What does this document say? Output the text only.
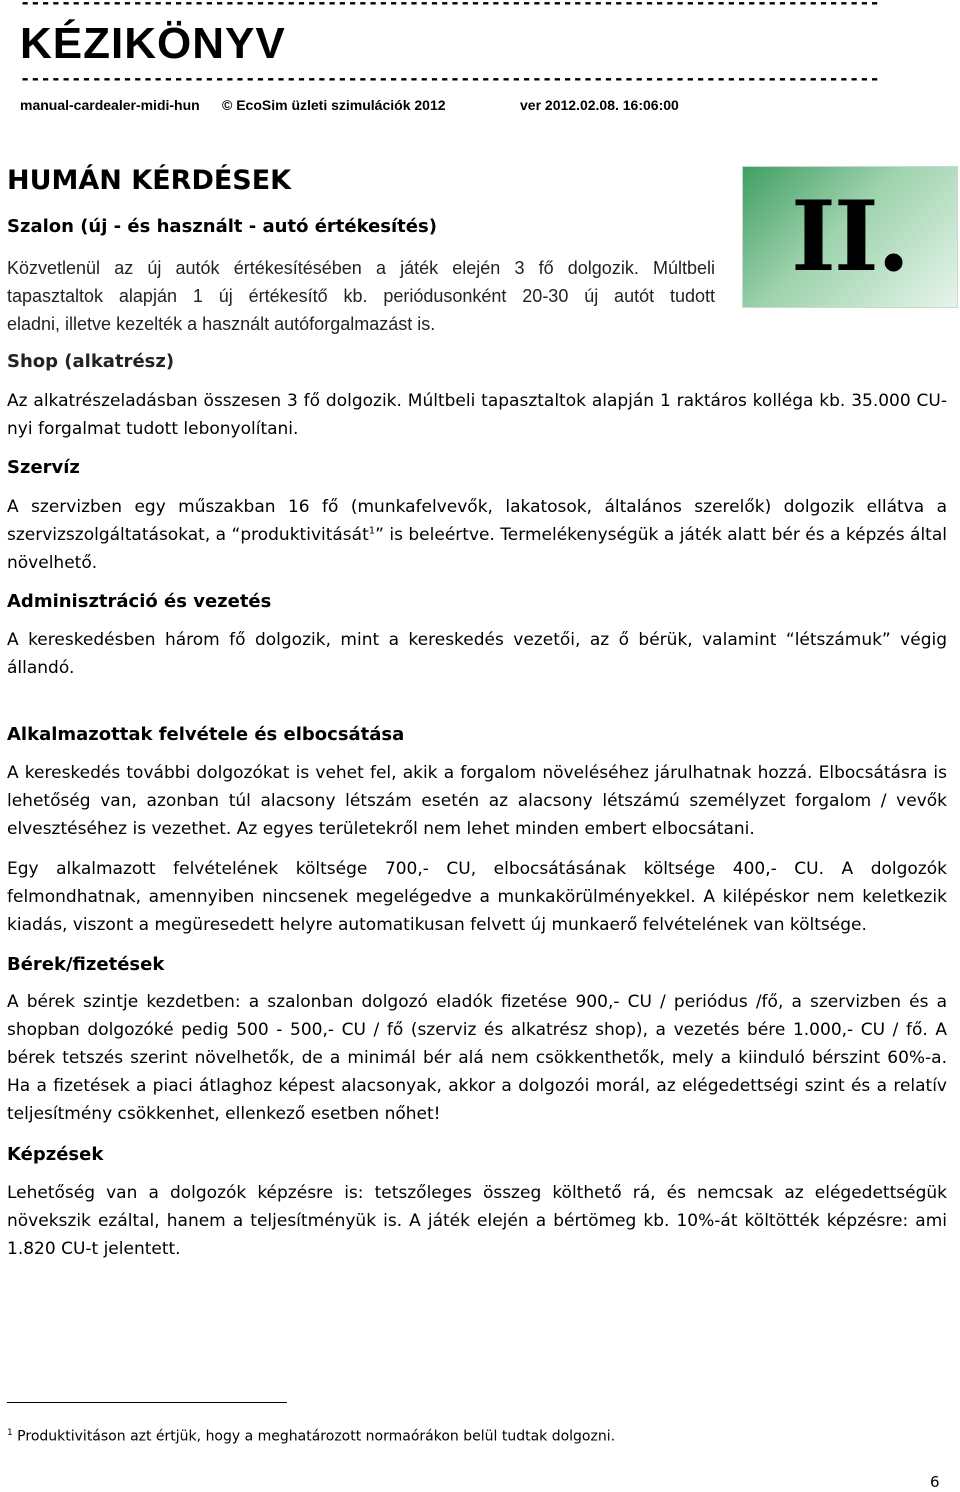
------------------------------------------------------------------------------------
KÉZIKÖNYV
------------------------------------------------------------------------------------
manual-cardealer-midi-hun © EcoSim üzleti szimulációk 2012	ver 2012.02.08. 16:06:00
II.
HUMÁN KÉRDÉSEK
Szalon (új - és használt - autó értékesítés)
Közvetlenül az új autók értékesítésében a játék elején 3 fő dolgozik. Múltbeli
tapasztaltok alapján 1 új értékesítő kb. periódusonként 20-30 új autót tudott
eladni, illetve kezelték a használt autóforgalmazást is.
Shop (alkatrész)
Az alkatrészeladásban összesen 3 fő dolgozik. Múltbeli tapasztaltok alapján 1 raktáros kolléga kb. 35.000 CU-
nyi forgalmat tudott lebonyolítani.
Szervíz
A szervizben egy műszakban 16 fő (munkafelvevők, lakatosok, általános szerelők) dolgozik ellátva a
szervizszolgáltatásokat, a “produktivitását$^1$” is beleértve. Termelékenységük a játék alatt bér és a képzés által
növelhető.
Adminisztráció és vezetés
A kereskedésben három fő dolgozik, mint a kereskedés vezetői, az ő bérük, valamint “létszámuk” végig
állandó.
Alkalmazottak felvétele és elbocsátása
A kereskedés további dolgozókat is vehet fel, akik a forgalom növeléséhez járulhatnak hozzá. Elbocsátásra is
lehetőség van, azonban túl alacsony létszám esetén az alacsony létszámú személyzet forgalom / vevők
elvesztéséhez is vezethet. Az egyes területekről nem lehet minden embert elbocsátani.
Egy alkalmazott felvételének költsége 700,- CU, elbocsátásának költsége 400,- CU. A dolgozók
felmondhatnak, amennyiben nincsenek megelégedve a munkakörülményekkel. A kilépéskor nem keletkezik
kiadás, viszont a megüresedett helyre automatikusan felvett új munkaerő felvételének van költsége.
Bérek/fizetések
A bérek szintje kezdetben: a szalonban dolgozó eladók fizetése 900,- CU / periódus /fő, a szervizben és a
shopban dolgozóké pedig 500 - 500,- CU / fő (szerviz és alkatrész shop), a vezetés bére 1.000,- CU / fő. A
bérek tetszés szerint növelhetők, de a minimál bér alá nem csökkenthetők, mely a kiinduló bérszint 60%-a.
Ha a fizetések a piaci átlaghoz képest alacsonyak, akkor a dolgozói morál, az elégedettségi szint és a relatív
teljesítmény csökkenhet, ellenkező esetben nőhet!
Képzések
Lehetőség van a dolgozók képzésre is: tetszőleges összeg költhető rá, és nemcsak az elégedettségük
növekszik ezáltal, hanem a teljesítményük is. A játék elején a bértömeg kb. 10%-át költötték képzésre: ami
1.820 CU-t jelentett.
$^1$ Produktivitáson azt értjük, hogy a meghatározott normaórákon belül tudtak dolgozni.
6
